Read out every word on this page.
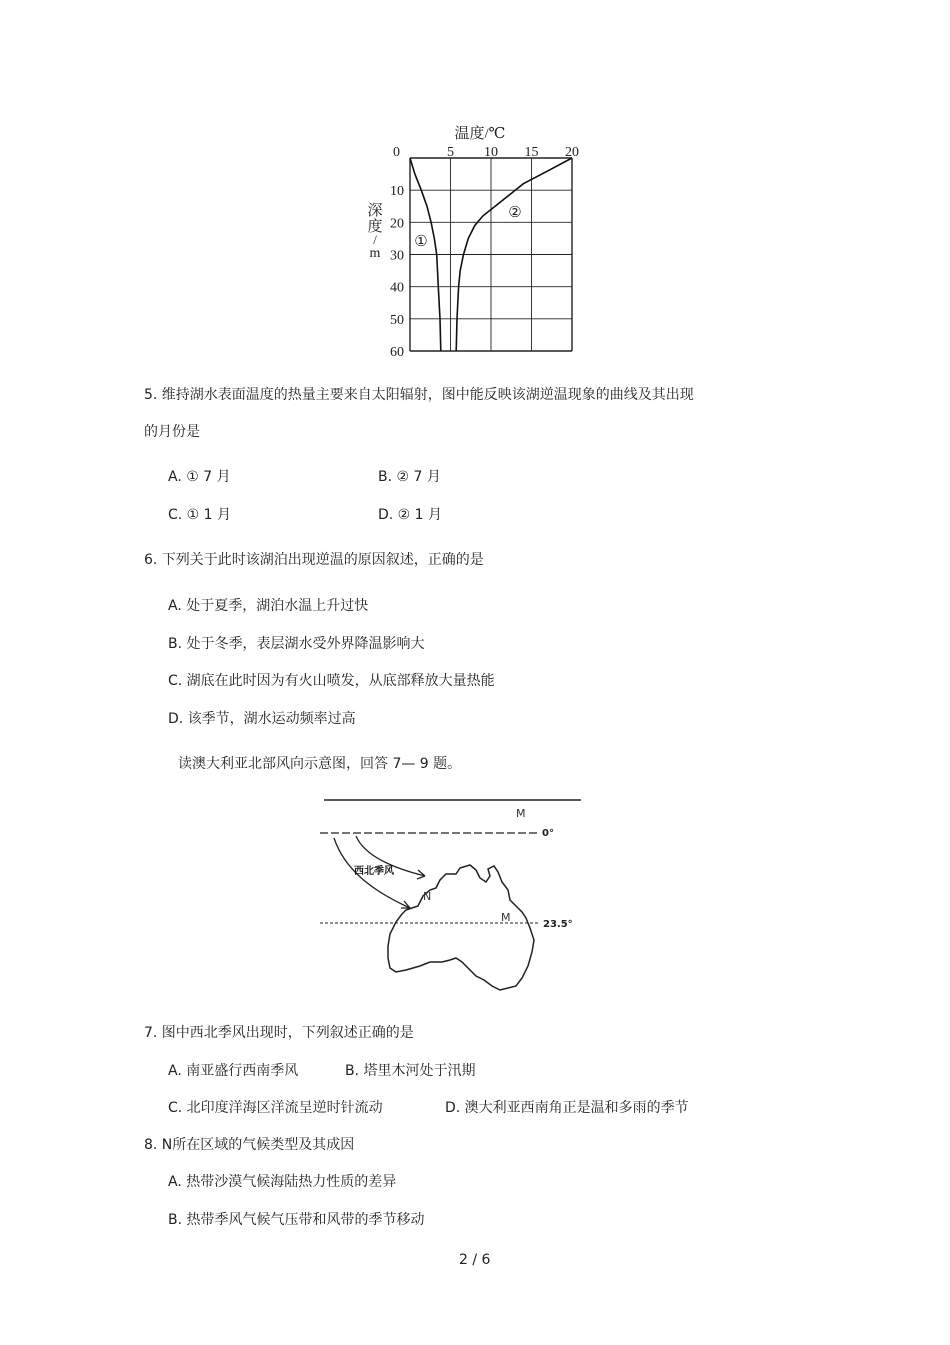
温度/℃
0	5 10 15 20
10
20
30
40
50
60
深
度
/
m
①
②
5. 维持湖水表面温度的热量主要来自太阳辐射，图中能反映该湖逆温现象的曲线及其出现
的月份是
A. ① 7 月	B. ② 7 月
C. ① 1 月	D. ② 1 月
6. 下列关于此时该湖泊出现逆温的原因叙述，正确的是
A. 处于夏季，湖泊水温上升过快
B. 处于冬季，表层湖水受外界降温影响大
C. 湖底在此时因为有火山喷发，从底部释放大量热能
D. 该季节，湖水运动频率过高
读澳大利亚北部风向示意图，回答 7— 9 题。
M
0°
西北季风
N
M
23.5°
7. 图中西北季风出现时，下列叙述正确的是
A. 南亚盛行西南季风	B. 塔里木河处于汛期
C. 北印度洋海区洋流呈逆时针流动	D. 澳大利亚西南角正是温和多雨的季节
8. N所在区域的气候类型及其成因
A. 热带沙漠气候海陆热力性质的差异
B. 热带季风气候气压带和风带的季节移动
2 / 6
